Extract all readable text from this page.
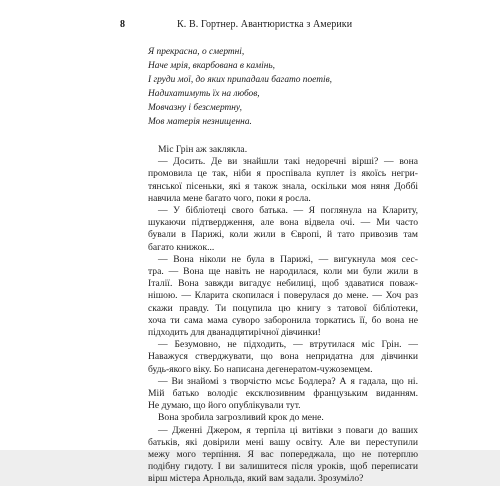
8	К. В. Гортнер. Авантюристка з Америки
Я прекрасна, о смертні,
Наче мрія, вкарбована в камінь,
І груди мої, до яких припадали багато поетів,
Надихатимуть їх на любов,
Мовчазну і безсмертну,
Мов матерія незнищенна.
Міс Грін аж заклякла.
— Досить. Де ви знайшли такі недоречні вірші? — вона
промовила це так, ніби я проспівала куплет із якоїсь негри-
тянської пісеньки, які я також знала, оскільки моя няня Доббі
навчила мене багато чого, поки я росла.
— У бібліотеці свого батька. — Я поглянула на Клариту,
шукаючи підтвердження, але вона відвела очі. — Ми часто
бували в Парижі, коли жили в Європі, й тато привозив там
багато книжок...
— Вона ніколи не була в Парижі, — вигукнула моя сес-
тра. — Вона ще навіть не народилася, коли ми були жили в
Італії. Вона завжди вигадує небилиці, щоб здаватися поваж-
нішою. — Кларита скопилася і поверулася до мене. — Хоч раз
скажи правду. Ти поцупила цю книгу з татової бібліотеки,
хоча ти сама мама суворо заборонила торкатись її, бо вона не
підходить для дванадцятирічної дівчинки!
— Безумовно, не підходить, — втрутилася міс Грін. —
Наважуся стверджувати, що вона непридатна для дівчинки
будь-якого віку. Бо написана дегенератом-чужоземцем.
— Ви знайомі з творчістю мсьє Бодлера? А я гадала, що ні.
Мій батько володіє ексклюзивним французьким виданням.
Не думаю, що його опублікували тут.
Вона зробила загрозливий крок до мене.
— Дженні Джером, я терпіла ці витівки з поваги до ваших
батьків, які довірили мені вашу освіту. Але ви переступили
межу мого терпіння. Я вас попереджала, що не потерплю
подібну гидоту. І ви залишитеся після уроків, щоб переписати
вірш містера Арнольда, який вам задали. Зрозуміло?
